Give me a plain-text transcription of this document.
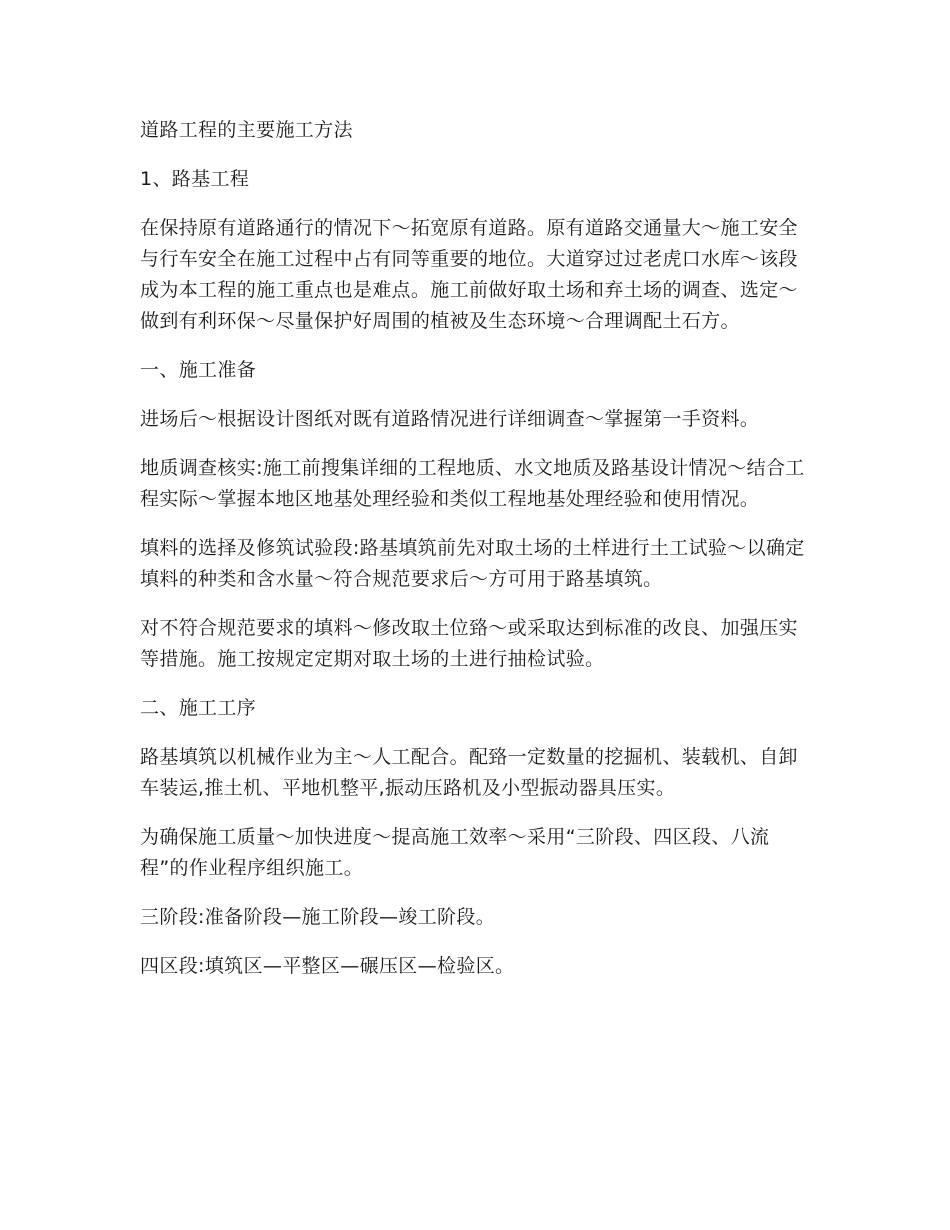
道路工程的主要施工方法

1、路基工程

在保持原有道路通行的情况下～拓宽原有道路。原有道路交通量大～施工安全与行车安全在施工过程中占有同等重要的地位。大道穿过过老虎口水库～该段成为本工程的施工重点也是难点。施工前做好取土场和弃土场的调查、选定～做到有利环保～尽量保护好周围的植被及生态环境～合理调配土石方。

一、施工准备

进场后～根据设计图纸对既有道路情况进行详细调查～掌握第一手资料。

地质调查核实:施工前搜集详细的工程地质、水文地质及路基设计情况～结合工程实际～掌握本地区地基处理经验和类似工程地基处理经验和使用情况。

填料的选择及修筑试验段:路基填筑前先对取土场的土样进行土工试验～以确定填料的种类和含水量～符合规范要求后～方可用于路基填筑。

对不符合规范要求的填料～修改取土位臵～或采取达到标准的改良、加强压实等措施。施工按规定定期对取土场的土进行抽检试验。

二、施工工序

路基填筑以机械作业为主～人工配合。配臵一定数量的挖掘机、装载机、自卸车装运,推土机、平地机整平,振动压路机及小型振动器具压实。

为确保施工质量～加快进度～提高施工效率～采用“三阶段、四区段、八流程”的作业程序组织施工。

三阶段:准备阶段—施工阶段—竣工阶段。

四区段:填筑区—平整区—碾压区—检验区。
